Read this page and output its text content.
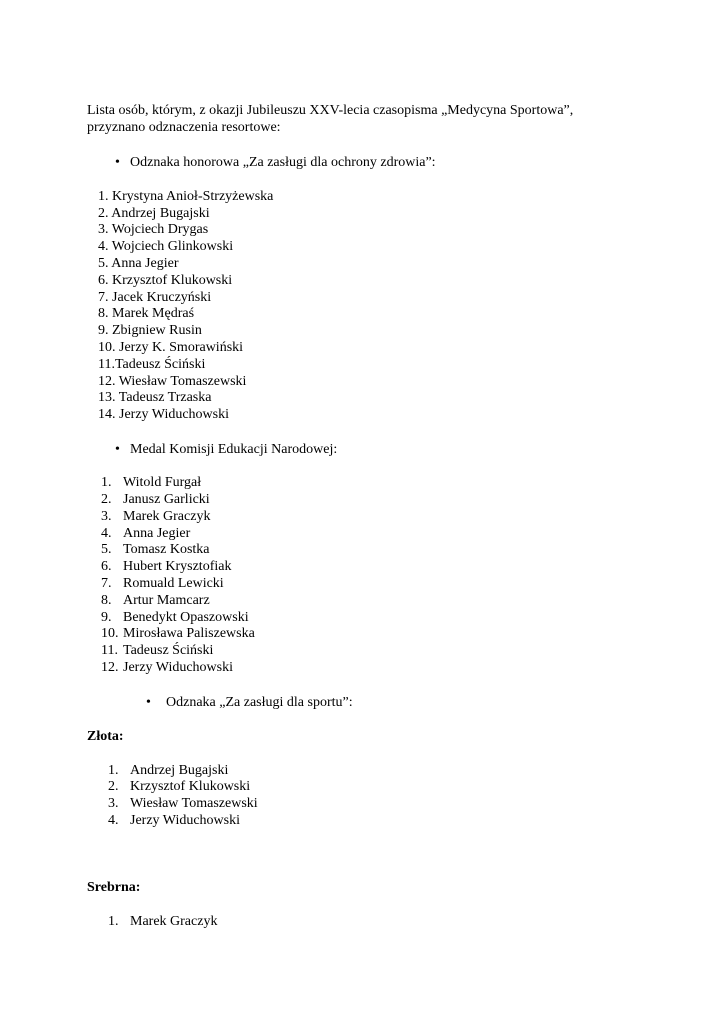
Lista osób, którym, z okazji Jubileuszu XXV-lecia czasopisma „Medycyna Sportowa”,
przyznano odznaczenia resortowe:
• Odznaka honorowa „Za zasługi dla ochrony zdrowia”:
1. Krystyna Anioł-Strzyżewska
2. Andrzej Bugajski
3. Wojciech Drygas
4. Wojciech Glinkowski
5. Anna Jegier
6. Krzysztof Klukowski
7. Jacek Kruczyński
8. Marek Mędraś
9. Zbigniew Rusin
10. Jerzy K. Smorawiński
11.Tadeusz Ściński
12. Wiesław Tomaszewski
13. Tadeusz Trzaska
14. Jerzy Widuchowski
• Medal Komisji Edukacji Narodowej:
1. Witold Furgał
2. Janusz Garlicki
3. Marek Graczyk
4. Anna Jegier
5. Tomasz Kostka
6. Hubert Krysztofiak
7. Romuald Lewicki
8. Artur Mamcarz
9. Benedykt Opaszowski
10. Mirosława Paliszewska
11. Tadeusz Ściński
12. Jerzy Widuchowski
• Odznaka „Za zasługi dla sportu”:
Złota:
1. Andrzej Bugajski
2. Krzysztof Klukowski
3. Wiesław Tomaszewski
4. Jerzy Widuchowski
Srebrna:
1. Marek Graczyk
